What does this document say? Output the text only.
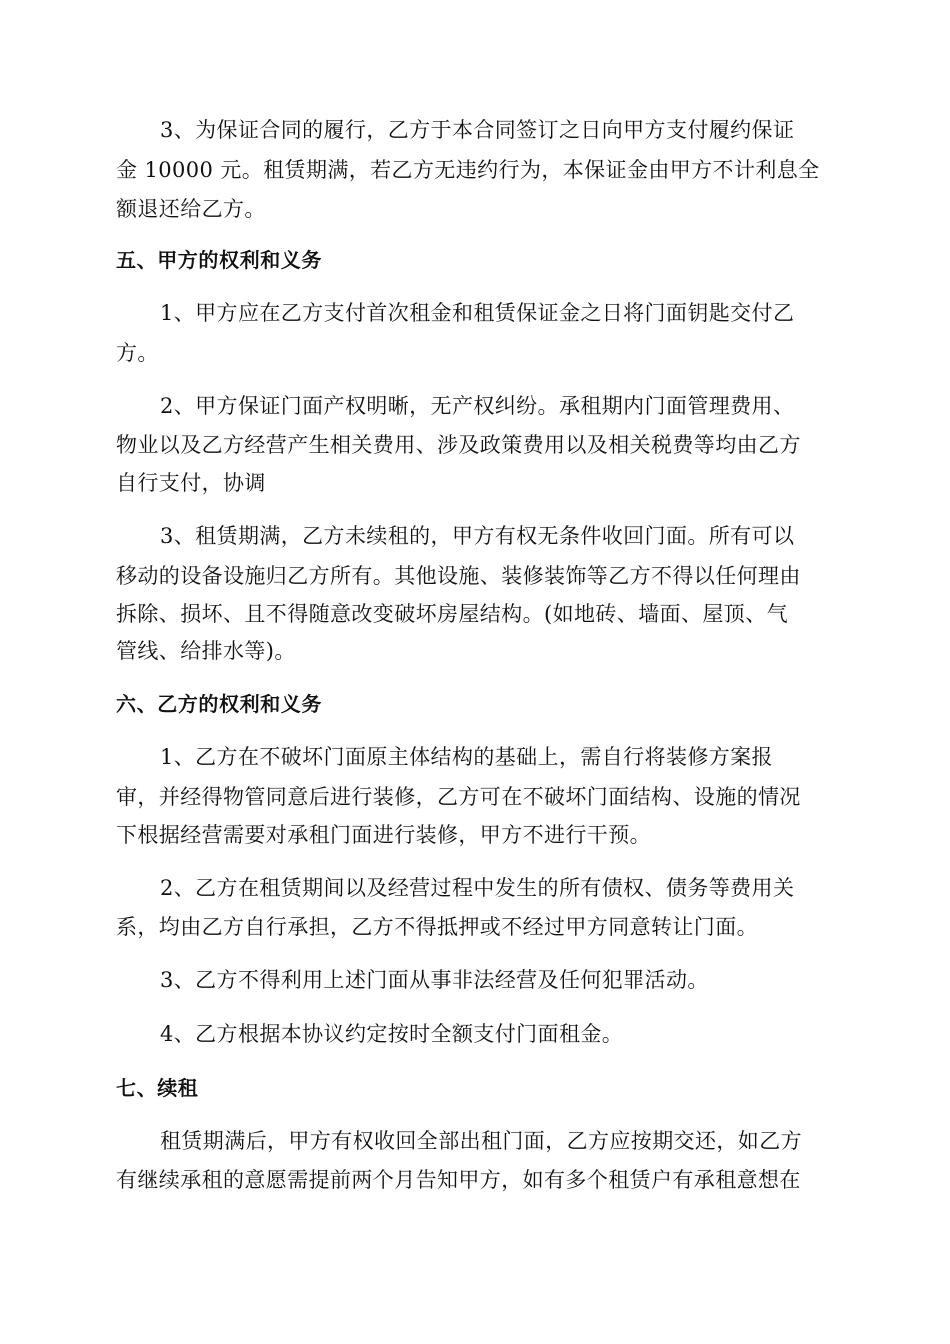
3、为保证合同的履行，乙方于本合同签订之日向甲方支付履约保证
金 10000 元。租赁期满，若乙方无违约行为，本保证金由甲方不计利息全
额退还给乙方。
五、甲方的权利和义务
1、甲方应在乙方支付首次租金和租赁保证金之日将门面钥匙交付乙
方。
2、甲方保证门面产权明晰，无产权纠纷。承租期内门面管理费用、
物业以及乙方经营产生相关费用、涉及政策费用以及相关税费等均由乙方
自行支付，协调
3、租赁期满，乙方未续租的，甲方有权无条件收回门面。所有可以
移动的设备设施归乙方所有。其他设施、装修装饰等乙方不得以任何理由
拆除、损坏、且不得随意改变破坏房屋结构。(如地砖、墙面、屋顶、气
管线、给排水等)。
六、乙方的权利和义务
1、乙方在不破坏门面原主体结构的基础上，需自行将装修方案报
审，并经得物管同意后进行装修，乙方可在不破坏门面结构、设施的情况
下根据经营需要对承租门面进行装修，甲方不进行干预。
2、乙方在租赁期间以及经营过程中发生的所有债权、债务等费用关
系，均由乙方自行承担，乙方不得抵押或不经过甲方同意转让门面。
3、乙方不得利用上述门面从事非法经营及任何犯罪活动。
4、乙方根据本协议约定按时全额支付门面租金。
七、续租
租赁期满后，甲方有权收回全部出租门面，乙方应按期交还，如乙方
有继续承租的意愿需提前两个月告知甲方，如有多个租赁户有承租意想在
